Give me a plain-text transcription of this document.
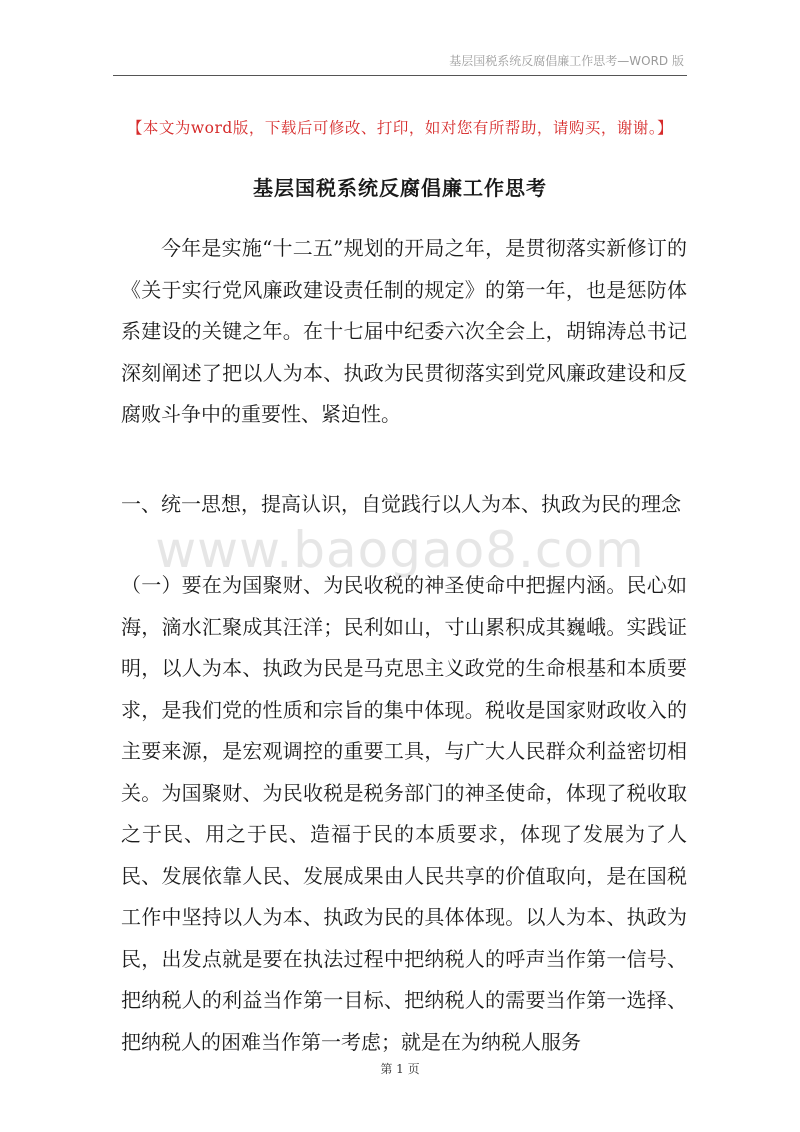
基层国税系统反腐倡廉工作思考—WORD 版
【本文为word版，下载后可修改、打印，如对您有所帮助，请购买，谢谢。】
基层国税系统反腐倡廉工作思考

今年是实施“十二五”规划的开局之年，是贯彻落实新修订的《关于实行党风廉政建设责任制的规定》的第一年，也是惩防体系建设的关键之年。在十七届中纪委六次全会上，胡锦涛总书记深刻阐述了把以人为本、执政为民贯彻落实到党风廉政建设和反腐败斗争中的重要性、紧迫性。

一、统一思想，提高认识，自觉践行以人为本、执政为民的理念

www.baogao8.com

（一）要在为国聚财、为民收税的神圣使命中把握内涵。民心如海，滴水汇聚成其汪洋；民利如山，寸山累积成其巍峨。实践证明，以人为本、执政为民是马克思主义政党的生命根基和本质要求，是我们党的性质和宗旨的集中体现。税收是国家财政收入的主要来源，是宏观调控的重要工具，与广大人民群众利益密切相关。为国聚财、为民收税是税务部门的神圣使命，体现了税收取之于民、用之于民、造福于民的本质要求，体现了发展为了人民、发展依靠人民、发展成果由人民共享的价值取向，是在国税工作中坚持以人为本、执政为民的具体体现。以人为本、执政为民，出发点就是要在执法过程中把纳税人的呼声当作第一信号、把纳税人的利益当作第一目标、把纳税人的需要当作第一选择、把纳税人的困难当作第一考虑；就是在为纳税人服务

第 1 页
